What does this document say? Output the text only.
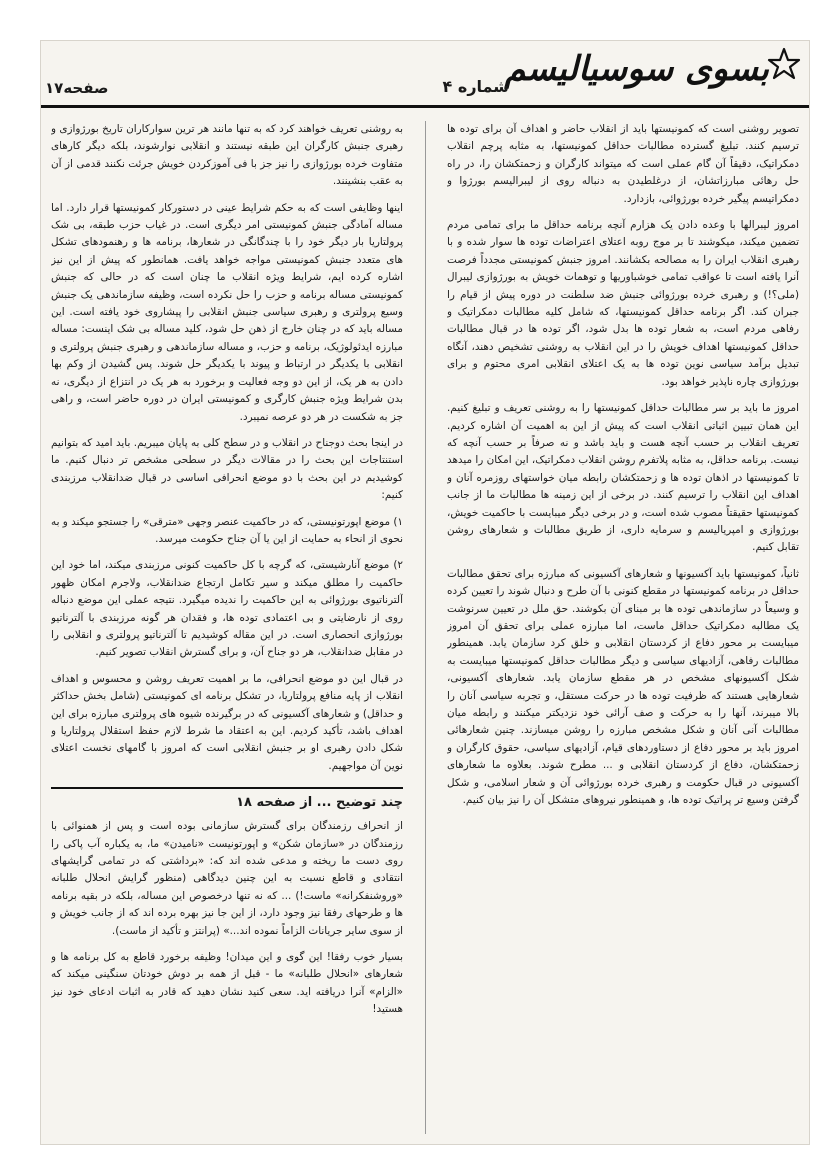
بسوی سوسیالیسم
شماره ۴
صفحه۱۷

تصویر روشنی است که کمونیستها باید از انقلاب حاضر و اهداف آن برای توده ها ترسیم کنند. تبلیغ گسترده مطالبات حداقل کمونیستها، به مثابه پرچم انقلاب دمکراتیک، دقیقاً آن گام عملی است که میتواند کارگران و زحمتکشان را، در راه حل رهائی مبارزاتشان، از درغلطیدن به دنباله روی از لیبرالیسم بورژوا و دمکراتیسم پیگیر خرده بورژوائی، بازدارد.

امروز لیبرالها با وعده دادن یک هزارم آنچه برنامه حداقل ما برای تمامی مردم تضمین میکند، میکوشند تا بر موج روبه اعتلای اعتراضات توده ها سوار شده و با رهبری انقلاب ایران را به مصالحه بکشانند. امروز جنبش کمونیستی مجدداً فرصت آنرا یافته است تا عواقب تمامی خوشباوریها و توهمات خویش به بورژوازی لیبرال (ملی؟!) و رهبری خرده بورژوائی جنبش ضد سلطنت در دوره پیش از قیام را جبران کند. اگر برنامه حداقل کمونیستها، که شامل کلیه مطالبات دمکراتیک و رفاهی مردم است، به شعار توده ها بدل شود، اگر توده ها در قبال مطالبات حداقل کمونیستها اهداف خویش را در این انقلاب به روشنی تشخیص دهند، آنگاه تبدیل برآمد سیاسی نوین توده ها به یک اعتلای انقلابی امری محتوم و برای بورژوازی چاره ناپذیر خواهد بود.

امروز ما باید بر سر مطالبات حداقل کمونیستها را به روشنی تعریف و تبلیغ کنیم. این همان تبیین اثباتی انقلاب است که پیش از این به اهمیت آن اشاره کردیم. تعریف انقلاب بر حسب آنچه هست و باید باشد و نه صرفاً بر حسب آنچه که نیست. برنامه حداقل، به مثابه پلاتفرم روشن انقلاب دمکراتیک، این امکان را میدهد تا کمونیستها در اذهان توده ها و زحمتکشان رابطه میان خواستهای روزمره آنان و اهداف این انقلاب را ترسیم کنند. در برخی از این زمینه ها مطالبات ما از جانب کمونیستها حقیقتاً مصوب شده است، و در برخی دیگر میبایست با حاکمیت خویش، بورژوازی و امپریالیسم و سرمایه داری، از طریق مطالبات و شعارهای روشن تقابل کنیم.

ثانیاً، کمونیستها باید آکسیونها و شعارهای آکسیونی که مبارزه برای تحقق مطالبات حداقل در برنامه کمونیستها در مقطع کنونی با آن طرح و دنبال شوند را تعیین کرده و وسیعاً در سازماندهی توده ها بر مبنای آن بکوشند. حق ملل در تعیین سرنوشت یک مطالبه دمکراتیک حداقل ماست، اما مبارزه عملی برای تحقق آن امروز میبایست بر محور دفاع از کردستان انقلابی و خلق کرد سازمان یابد. همینطور مطالبات رفاهی، آزادیهای سیاسی و دیگر مطالبات حداقل کمونیستها میبایست به شکل آکسیونهای مشخص در هر مقطع سازمان یابد. شعارهای آکسیونی، شعارهایی هستند که ظرفیت توده ها در حرکت مستقل، و تجربه سیاسی آنان را بالا میبرند، آنها را به حرکت و صف آرائی خود نزدیکتر میکنند و رابطه میان مطالبات آنی آنان و شکل مشخص مبارزه را روشن میسازند. چنین شعارهائی امروز باید بر محور دفاع از دستاوردهای قیام، آزادیهای سیاسی، حقوق کارگران و زحمتکشان، دفاع از کردستان انقلابی و ... مطرح شوند. بعلاوه ما شعارهای آکسیونی در قبال حکومت و رهبری خرده بورژوائی آن و شعار اسلامی، و شکل گرفتن وسیع تر پراتیک توده ها، و همینطور نیروهای متشکل آن را نیز بیان کنیم.

به روشنی تعریف خواهند کرد که به تنها مانند هر ترین سوارکاران تاریخ بورژوازی و رهبری جنبش کارگران این طبقه نیستند و انقلابی نوارشوند، بلکه دیگر کارهای متفاوت خرده بورژوازی را نیز جز با فی آموزکردن خویش جرئت نکنند قدمی از آن به عقب بنشینند.

اینها وظایفی است که به حکم شرایط عینی در دستورکار کمونیستها قرار دارد. اما مساله آمادگی جنبش کمونیستی امر دیگری است. در غیاب حزب طبقه، بی شک پرولتاریا بار دیگر خود را با چندگانگی در شعارها، برنامه ها و رهنمودهای تشکل های متعدد جنبش کمونیستی مواجه خواهد یافت. همانطور که پیش از این نیز اشاره کرده ایم، شرایط ویژه انقلاب ما چنان است که در حالی که جنبش کمونیستی مساله برنامه و حزب را حل نکرده است، وظیفه سازماندهی یک جنبش وسیع پرولتری و رهبری سیاسی جنبش انقلابی را پیشاروی خود یافته است. این مساله باید که در چنان خارج از ذهن حل شود، کلید مساله بی شک اینست: مساله مبارزه ایدئولوژیک، برنامه و حزب، و مساله سازماندهی و رهبری جنبش پرولتری و انقلابی با یکدیگر در ارتباط و پیوند با یکدیگر حل شوند. پس گشیدن از وکم بها دادن به هر یک، از این دو وجه فعالیت و برخورد به هر یک در انتزاع از دیگری، نه بدن شرایط ویژه جنبش کارگری و کمونیستی ایران در دوره حاضر است، و راهی جز به شکست در هر دو عرصه نمیبرد.

در اینجا بحث دوجناح در انقلاب و در سطح کلی به پایان میبریم. باید امید که بتوانیم استنتاجات این بحث را در مقالات دیگر در سطحی مشخص تر دنبال کنیم. ما کوشیدیم در این بحث با دو موضع انحرافی اساسی در قبال ضدانقلاب مرزبندی کنیم:

۱) موضع اپورتونیستی، که در حاکمیت عنصر وجهی «مترقی» را جستجو میکند و به نحوی از انحاء به حمایت از این یا آن جناح حکومت میرسد.

۲) موضع آنارشیستی، که گرچه با کل حاکمیت کنونی مرزبندی میکند، اما خود این حاکمیت را مطلق میکند و سیر تکامل ارتجاع ضدانقلاب، ولاجرم امکان ظهور آلترناتیوی بورژوائی به این حاکمیت را ندیده میگیرد. نتیجه عملی این موضع دنباله روی از نارضایتی و بی اعتمادی توده ها، و فقدان هر گونه مرزبندی با آلترناتیو بورژوازی انحصاری است. در این مقاله کوشیدیم تا آلترناتیو پرولتری و انقلابی را در مقابل ضدانقلاب، هر دو جناح آن، و برای گسترش انقلاب تصویر کنیم.

در قبال این دو موضع انحرافی، ما بر اهمیت تعریف روشن و محسوس و اهداف انقلاب از پایه منافع پرولتاریا، در تشکل برنامه ای کمونیستی (شامل بخش حداکثر و حداقل) و شعارهای آکسیونی که در برگیرنده شیوه های پرولتری مبارزه برای این اهداف باشد، تأکید کردیم. این به اعتقاد ما شرط لازم حفظ استقلال پرولتاریا و شکل دادن رهبری او بر جنبش انقلابی است که امروز با گامهای نخست اعتلای نوین آن مواجهیم.

چند توضیح ... از صفحه ۱۸

از انحراف رزمندگان برای گسترش سازمانی بوده است و پس از همنوائی با رزمندگان در «سازمان شکن» و اپورتونیست «نامیدن» ما، به یکباره آب پاکی را روی دست ما ریخته و مدعی شده اند که: «برداشتی که در تمامی گرایشهای انتقادی و قاطع نسبت به این چنین دیدگاهی (منظور گرایش انحلال طلبانه «وروشنفکرانه» ماست!) ... که نه تنها درخصوص این مساله، بلکه در بقیه برنامه ها و طرحهای رفقا نیز وجود دارد، از این جا نیز بهره برده اند که از جانب خویش و از سوی سایر جریانات الزاماً نموده اند...» (پرانتز و تأکید از ماست).

بسیار خوب رفقا! این گوی و این میدان! وظیفه برخورد قاطع به کل برنامه ها و شعارهای «انحلال طلبانه» ما - قبل از همه بر دوش خودتان سنگینی میکند که «الزام» آنرا دریافته اید. سعی کنید نشان دهید که قادر به اثبات ادعای خود نیز هستید!
